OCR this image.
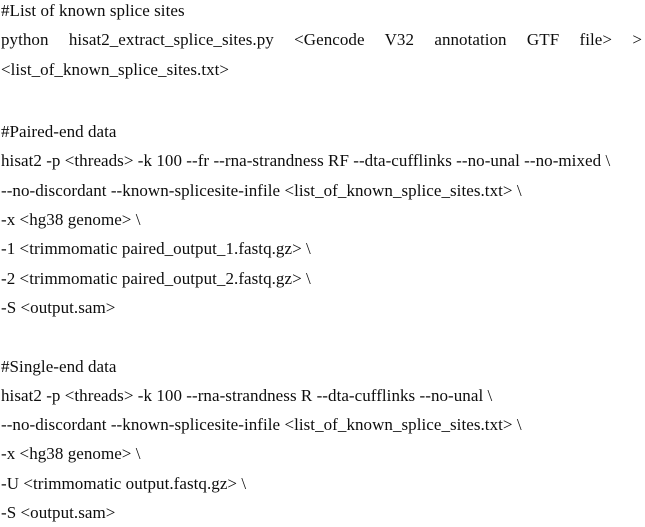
#List of known splice sites
python hisat2_extract_splice_sites.py <Gencode V32 annotation GTF file> >
<list_of_known_splice_sites.txt>
#Paired-end data
hisat2 -p <threads> -k 100 --fr --rna-strandness RF --dta-cufflinks --no-unal --no-mixed \
--no-discordant --known-splicesite-infile <list_of_known_splice_sites.txt> \
-x <hg38 genome> \
-1 <trimmomatic paired_output_1.fastq.gz> \
-2 <trimmomatic paired_output_2.fastq.gz> \
-S <output.sam>
#Single-end data
hisat2 -p <threads> -k 100 --rna-strandness R --dta-cufflinks --no-unal \
--no-discordant --known-splicesite-infile <list_of_known_splice_sites.txt> \
-x <hg38 genome> \
-U <trimmomatic output.fastq.gz> \
-S <output.sam>
